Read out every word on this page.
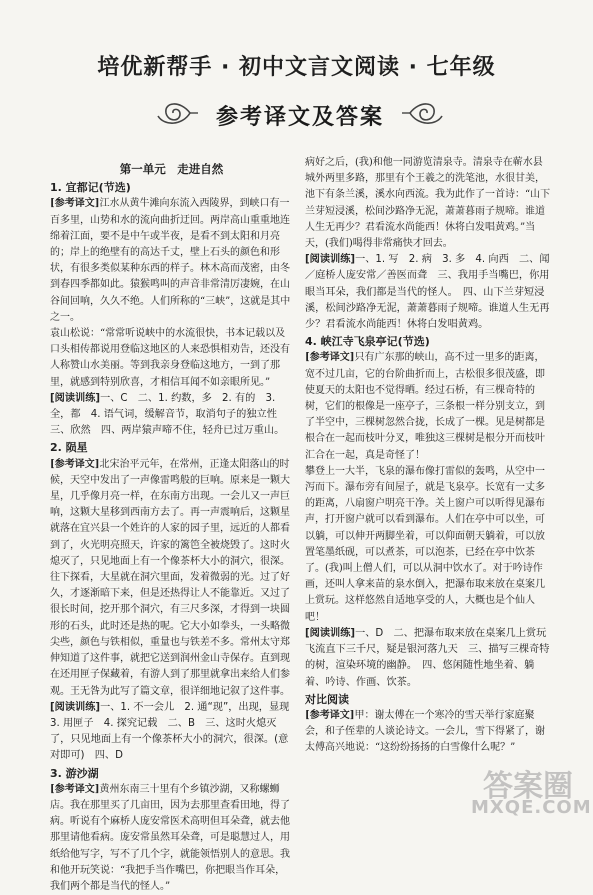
培优新帮手 · 初中文言文阅读 · 七年级
参考译文及答案
第一单元　走进自然
1. 宜都记(节选)

[参考译文]江水从黄牛滩向东流入西陵界，到峡口有一百多里，山势和水的流向曲折迂回。两岸高山重重地连绵着江面，要不是中午或半夜，是看不到太阳和月亮的；岸上的绝壁有的高达千丈，壁上石头的颜色和形状，有很多类似某种东西的样子。林木高而茂密，由冬到春四季都如此。猿猴鸣叫的声音非常清厉凄婉，在山谷间回响，久久不绝。人们所称的“三峡”，这就是其中之一。

袁山松说：“常常听说峡中的水流很快，书本记载以及口头相传都说用登临这地区的人来恐惧相劝告，还没有人称赞山水美丽。等到我亲身登临这地方，一到了那里，就感到特别欣喜，才相信耳闻不如亲眼所见。”

[阅读训练]一、C　二、1. 约数，多　2. 有的　3. 全，都　4. 语气词，缓解音节，取消句子的独立性　三、欣然　四、两岸猿声啼不住，轻舟已过万重山。

2. 陨星

[参考译文]北宋治平元年，在常州，正逢太阳落山的时候，天空中发出了一声像雷鸣般的巨响。原来是一颗大星，几乎像月亮一样，在东南方出现。一会儿又一声巨响，这颗大星移到西南方去了。再一声震响后，这颗星就落在宜兴县一个姓许的人家的园子里，远近的人都看到了，火光明亮照天，许家的篱笆全被烧毁了。这时火熄灭了，只见地面上有一个像茶杯大小的洞穴，很深。往下探看，大星就在洞穴里面，发着微弱的光。过了好久，才逐渐暗下来，但是还热得让人不能靠近。又过了很长时间，挖开那个洞穴，有三尺多深，才得到一块圆形的石头，此时还是热的呢。它大小如拳头，一头略微尖些，颜色与铁相似，重量也与铁差不多。常州太守郑伸知道了这件事，就把它送到润州金山寺保存。直到现在还用匣子保藏着，有游人到了那里就拿出来给人们参观。王无咎为此写了篇文章，很详细地记叙了这件事。

[阅读训练]一、1. 不一会儿　2. 通“现”，出现，显现　3. 用匣子　4. 探究记载　二、B　三、这时火熄灭了，只见地面上有一个像茶杯大小的洞穴，很深。(意对即可)　四、D

3. 游沙湖

[参考译文]黄州东南三十里有个乡镇沙湖，又称螺蛳店。我在那里买了几亩田，因为去那里查看田地，得了病。听说有个麻桥人庞安常医术高明但耳朵聋，就去他那里请他看病。庞安常虽然耳朵聋，可是聪慧过人，用纸给他写字，写不了几个字，就能领悟别人的意思。我和他开玩笑说：“我把手当作嘴巴，你把眼当作耳朵，我们两个都是当代的怪人。”

病好之后，(我)和他一同游览清泉寺。清泉寺在蕲水县城外两里多路，那里有个王羲之的洗笔池，水很甘美，池下有条兰溪，溪水向西流。我为此作了一首诗：“山下兰芽短浸溪，松间沙路净无泥，萧萧暮雨子规啼。谁道人生无再少？君看流水尚能西！休将白发唱黄鸡。”当天，(我们)喝得非常痛快才回去。

[阅读训练]一、1. 写　2. 病　3. 多　4. 向西　二、闻／庭桥人庞安常／善医而聋　三、我用手当嘴巴，你用眼当耳朵，我们都是当代的怪人。　四、山下兰芽短浸溪，松间沙路净无泥，萧萧暮雨子规啼。谁道人生无再少？君看流水尚能西！休将白发唱黄鸡。

4. 峡江寺飞泉亭记(节选)

[参考译文]只有广东那的峡山，高不过一里多的距离，宽不过几亩，它的台阶曲折而上，古松很多很茂盛，即使夏天的太阳也不觉得晒。经过石桥，有三棵奇特的树，它们的根像是一座亭子，三条根一样分别支立，到了半空中，三棵树忽然合拢，长成了一棵。见是树都是根合在一起而枝叶分叉，唯独这三棵树是根分开而枝叶汇合在一起，真是奇怪了！

攀登上一大半，飞泉的瀑布像打雷似的轰鸣，从空中一泻而下。瀑布旁有间屋子，就是飞泉亭。长宽有一丈多的距离，八扇窗户明亮干净。关上窗户可以听得见瀑布声，打开窗户就可以看到瀑布。人们在亭中可以坐，可以躺，可以伸开两脚坐着，可以仰面朝天躺着，可以放置笔墨纸砚，可以煮茶，可以泡茶，已经在亭中饮茶了。(我)叫上僧人们，可以从洞中饮水了。对于吟诗作画，还叫人拿来苗的泉水倒入，把瀑布取来放在桌案几上赏玩。这样悠然自适地享受的人，大概也是个仙人吧！

[阅读训练]一、D　二、把瀑布取来放在桌案几上赏玩　飞流直下三千尺，疑是银河落九天　三、描写三棵奇特的树，渲染环境的幽静。　四、悠闲随性地坐着、躺着、吟诗、作画、饮茶。

对比阅读

[参考译文]甲：谢太傅在一个寒冷的雪天举行家庭聚会，和子侄辈的人谈论诗文。一会儿，雪下得紧了，谢太傅高兴地说：“这纷纷扬扬的白雪像什么呢？”

答案圈
MXQE.COM
